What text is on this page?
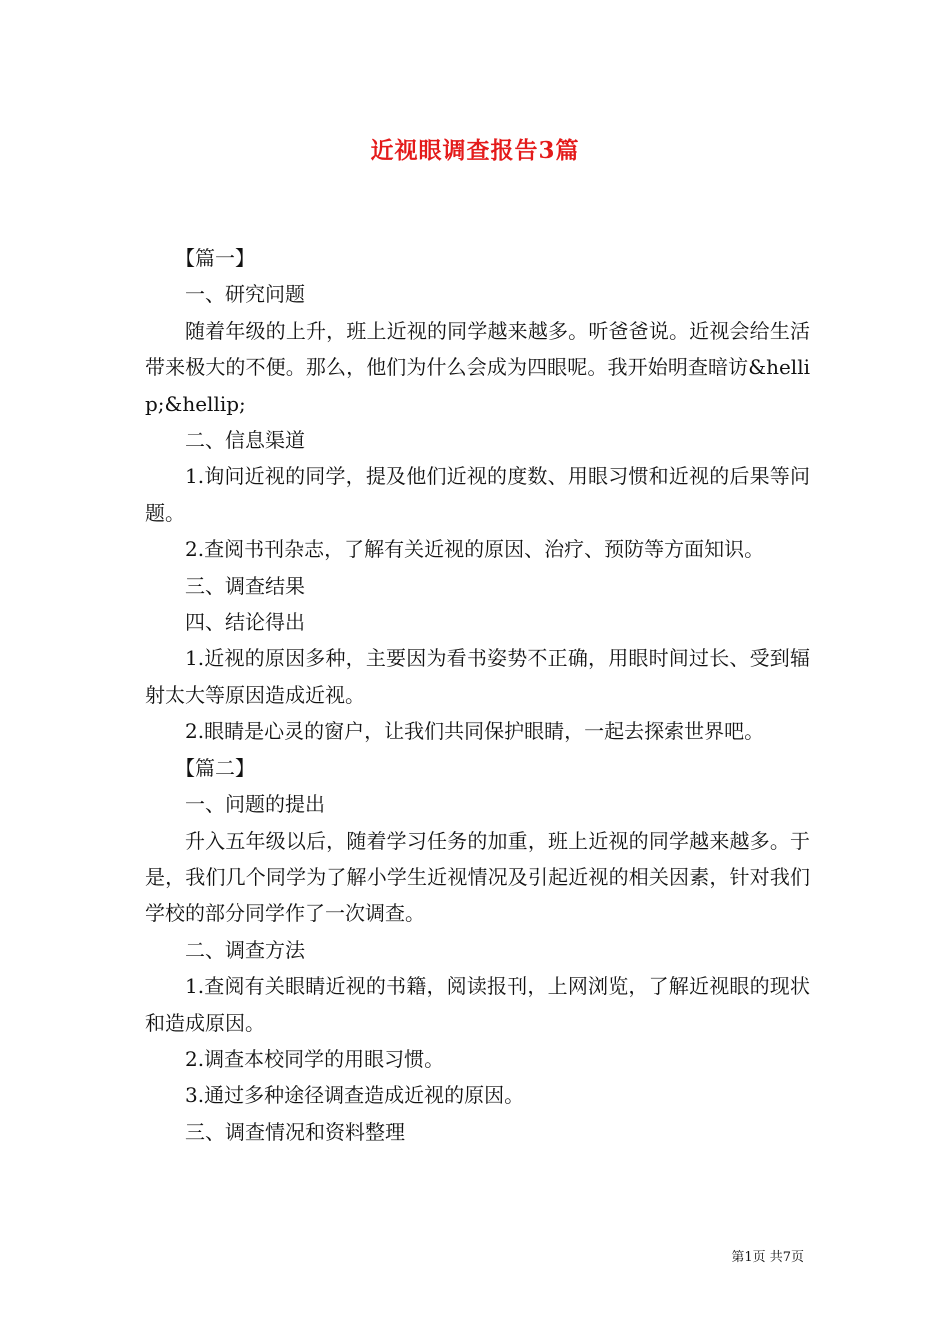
近视眼调查报告3篇

【篇一】

一、研究问题

随着年级的上升，班上近视的同学越来越多。听爸爸说。近视会给生活带来极大的不便。那么，他们为什么会成为四眼呢。我开始明查暗访&hellip;&hellip;

二、信息渠道

1.询问近视的同学，提及他们近视的度数、用眼习惯和近视的后果等问题。

2.查阅书刊杂志，了解有关近视的原因、治疗、预防等方面知识。

三、调查结果

四、结论得出

1.近视的原因多种，主要因为看书姿势不正确，用眼时间过长、受到辐射太大等原因造成近视。

2.眼睛是心灵的窗户，让我们共同保护眼睛，一起去探索世界吧。

【篇二】

一、问题的提出

升入五年级以后，随着学习任务的加重，班上近视的同学越来越多。于是，我们几个同学为了解小学生近视情况及引起近视的相关因素，针对我们学校的部分同学作了一次调查。

二、调查方法

1.查阅有关眼睛近视的书籍，阅读报刊，上网浏览，了解近视眼的现状和造成原因。

2.调查本校同学的用眼习惯。

3.通过多种途径调查造成近视的原因。

三、调查情况和资料整理

第1页 共7页
